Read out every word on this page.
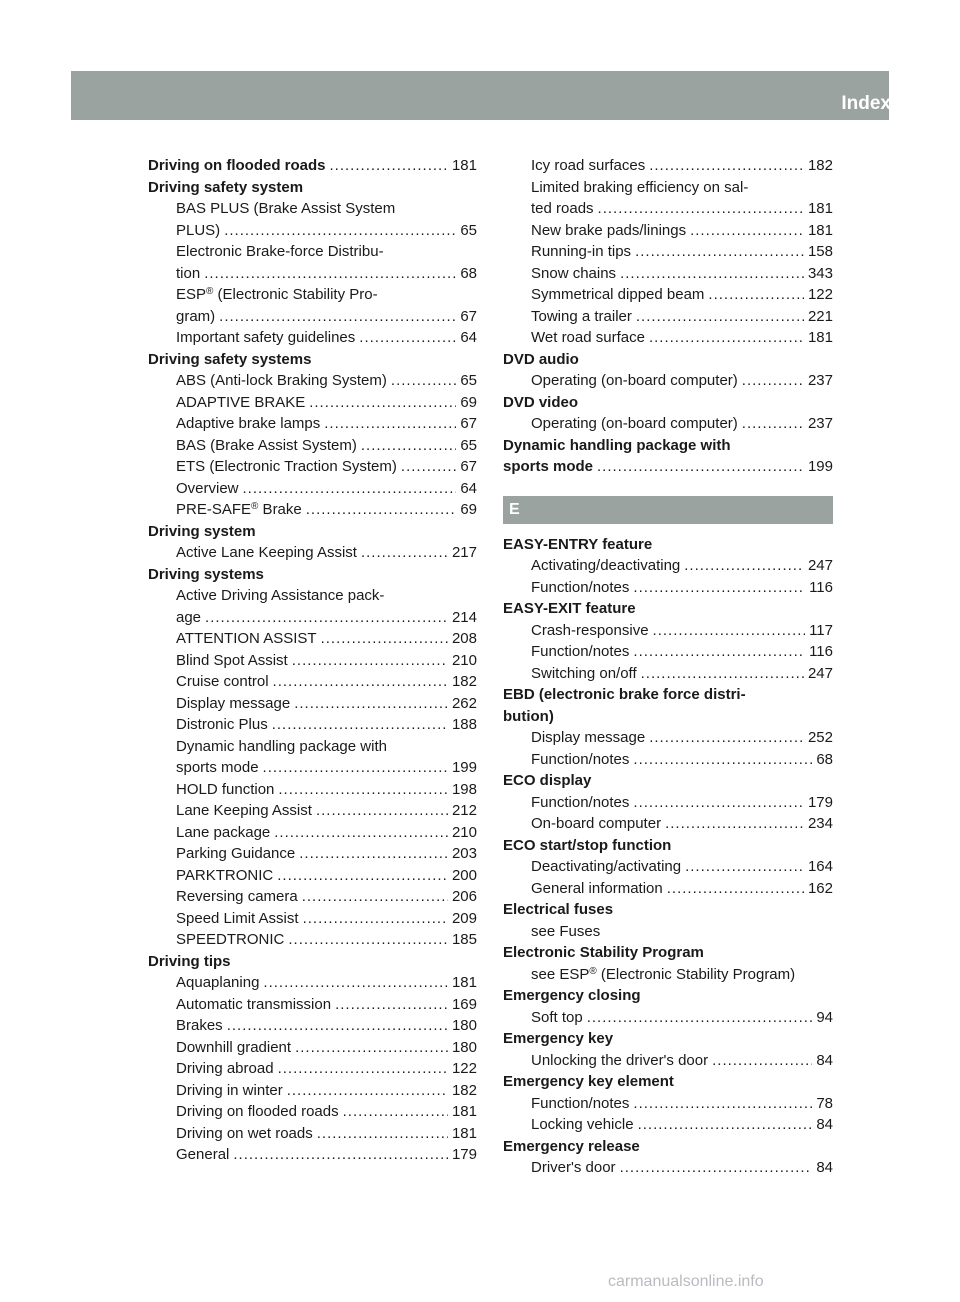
Index	9
Driving on flooded roads .....	181
Driving safety system
BAS PLUS (Brake Assist System
PLUS) .....	65
Electronic Brake-force Distribu-
tion .....	68
ESP® (Electronic Stability Pro-
gram) .....	67
Important safety guidelines .....	64
Driving safety systems
ABS (Anti-lock Braking System) .....	65
ADAPTIVE BRAKE .....	69
Adaptive brake lamps .....	67
BAS (Brake Assist System) .....	65
ETS (Electronic Traction System) .....	67
Overview .....	64
PRE-SAFE® Brake .....	69
Driving system
Active Lane Keeping Assist .....	217
Driving systems
Active Driving Assistance pack-
age .....	214
ATTENTION ASSIST .....	208
Blind Spot Assist .....	210
Cruise control .....	182
Display message .....	262
Distronic Plus .....	188
Dynamic handling package with
sports mode .....	199
HOLD function .....	198
Lane Keeping Assist .....	212
Lane package .....	210
Parking Guidance .....	203
PARKTRONIC .....	200
Reversing camera .....	206
Speed Limit Assist .....	209
SPEEDTRONIC .....	185
Driving tips
Aquaplaning .....	181
Automatic transmission .....	169
Brakes .....	180
Downhill gradient .....	180
Driving abroad .....	122
Driving in winter .....	182
Driving on flooded roads .....	181
Driving on wet roads .....	181
General .....	179
Icy road surfaces .....	182
Limited braking efficiency on sal-
ted roads .....	181
New brake pads/linings .....	181
Running-in tips .....	158
Snow chains .....	343
Symmetrical dipped beam .....	122
Towing a trailer .....	221
Wet road surface .....	181
DVD audio
Operating (on-board computer) .....	237
DVD video
Operating (on-board computer) .....	237
Dynamic handling package with
sports mode .....	199
E
EASY-ENTRY feature
Activating/deactivating .....	247
Function/notes .....	116
EASY-EXIT feature
Crash-responsive .....	117
Function/notes .....	116
Switching on/off .....	247
EBD (electronic brake force distri-
bution)
Display message .....	252
Function/notes .....	68
ECO display
Function/notes .....	179
On-board computer .....	234
ECO start/stop function
Deactivating/activating .....	164
General information .....	162
Electrical fuses
see Fuses
Electronic Stability Program
see ESP® (Electronic Stability Program)
Emergency closing
Soft top .....	94
Emergency key
Unlocking the driver's door .....	84
Emergency key element
Function/notes .....	78
Locking vehicle .....	84
Emergency release
Driver's door .....	84
carmanualsonline.info
